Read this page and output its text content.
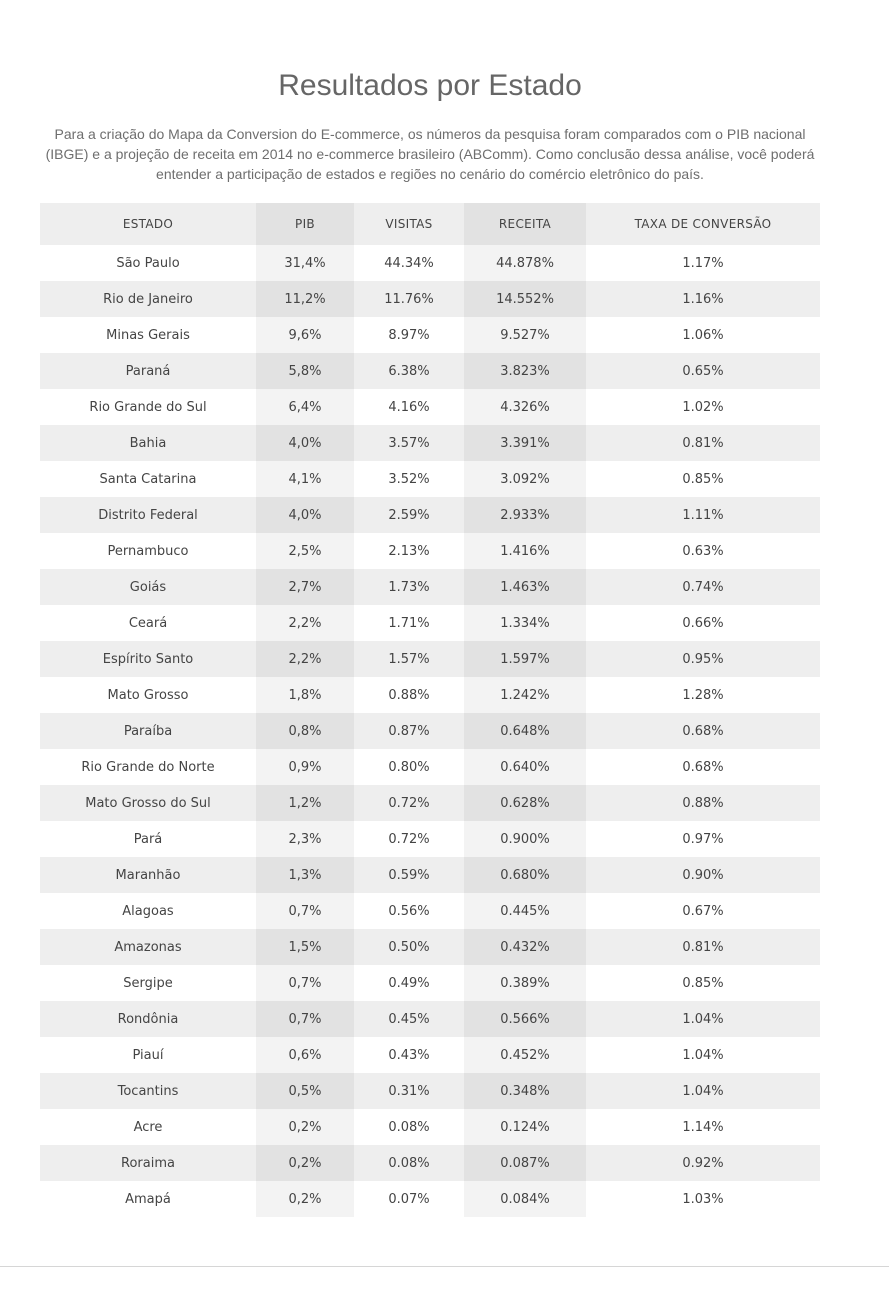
Resultados por Estado

Para a criação do Mapa da Conversion do E-commerce, os números da pesquisa foram comparados com o PIB nacional (IBGE) e a projeção de receita em 2014 no e-commerce brasileiro (ABComm). Como conclusão dessa análise, você poderá entender a participação de estados e regiões no cenário do comércio eletrônico do país.

ESTADO	PIB	VISITAS	RECEITA	TAXA DE CONVERSÃO
São Paulo	31,4%	44.34%	44.878%	1.17%
Rio de Janeiro	11,2%	11.76%	14.552%	1.16%
Minas Gerais	9,6%	8.97%	9.527%	1.06%
Paraná	5,8%	6.38%	3.823%	0.65%
Rio Grande do Sul	6,4%	4.16%	4.326%	1.02%
Bahia	4,0%	3.57%	3.391%	0.81%
Santa Catarina	4,1%	3.52%	3.092%	0.85%
Distrito Federal	4,0%	2.59%	2.933%	1.11%
Pernambuco	2,5%	2.13%	1.416%	0.63%
Goiás	2,7%	1.73%	1.463%	0.74%
Ceará	2,2%	1.71%	1.334%	0.66%
Espírito Santo	2,2%	1.57%	1.597%	0.95%
Mato Grosso	1,8%	0.88%	1.242%	1.28%
Paraíba	0,8%	0.87%	0.648%	0.68%
Rio Grande do Norte	0,9%	0.80%	0.640%	0.68%
Mato Grosso do Sul	1,2%	0.72%	0.628%	0.88%
Pará	2,3%	0.72%	0.900%	0.97%
Maranhão	1,3%	0.59%	0.680%	0.90%
Alagoas	0,7%	0.56%	0.445%	0.67%
Amazonas	1,5%	0.50%	0.432%	0.81%
Sergipe	0,7%	0.49%	0.389%	0.85%
Rondônia	0,7%	0.45%	0.566%	1.04%
Piauí	0,6%	0.43%	0.452%	1.04%
Tocantins	0,5%	0.31%	0.348%	1.04%
Acre	0,2%	0.08%	0.124%	1.14%
Roraima	0,2%	0.08%	0.087%	0.92%
Amapá	0,2%	0.07%	0.084%	1.03%
